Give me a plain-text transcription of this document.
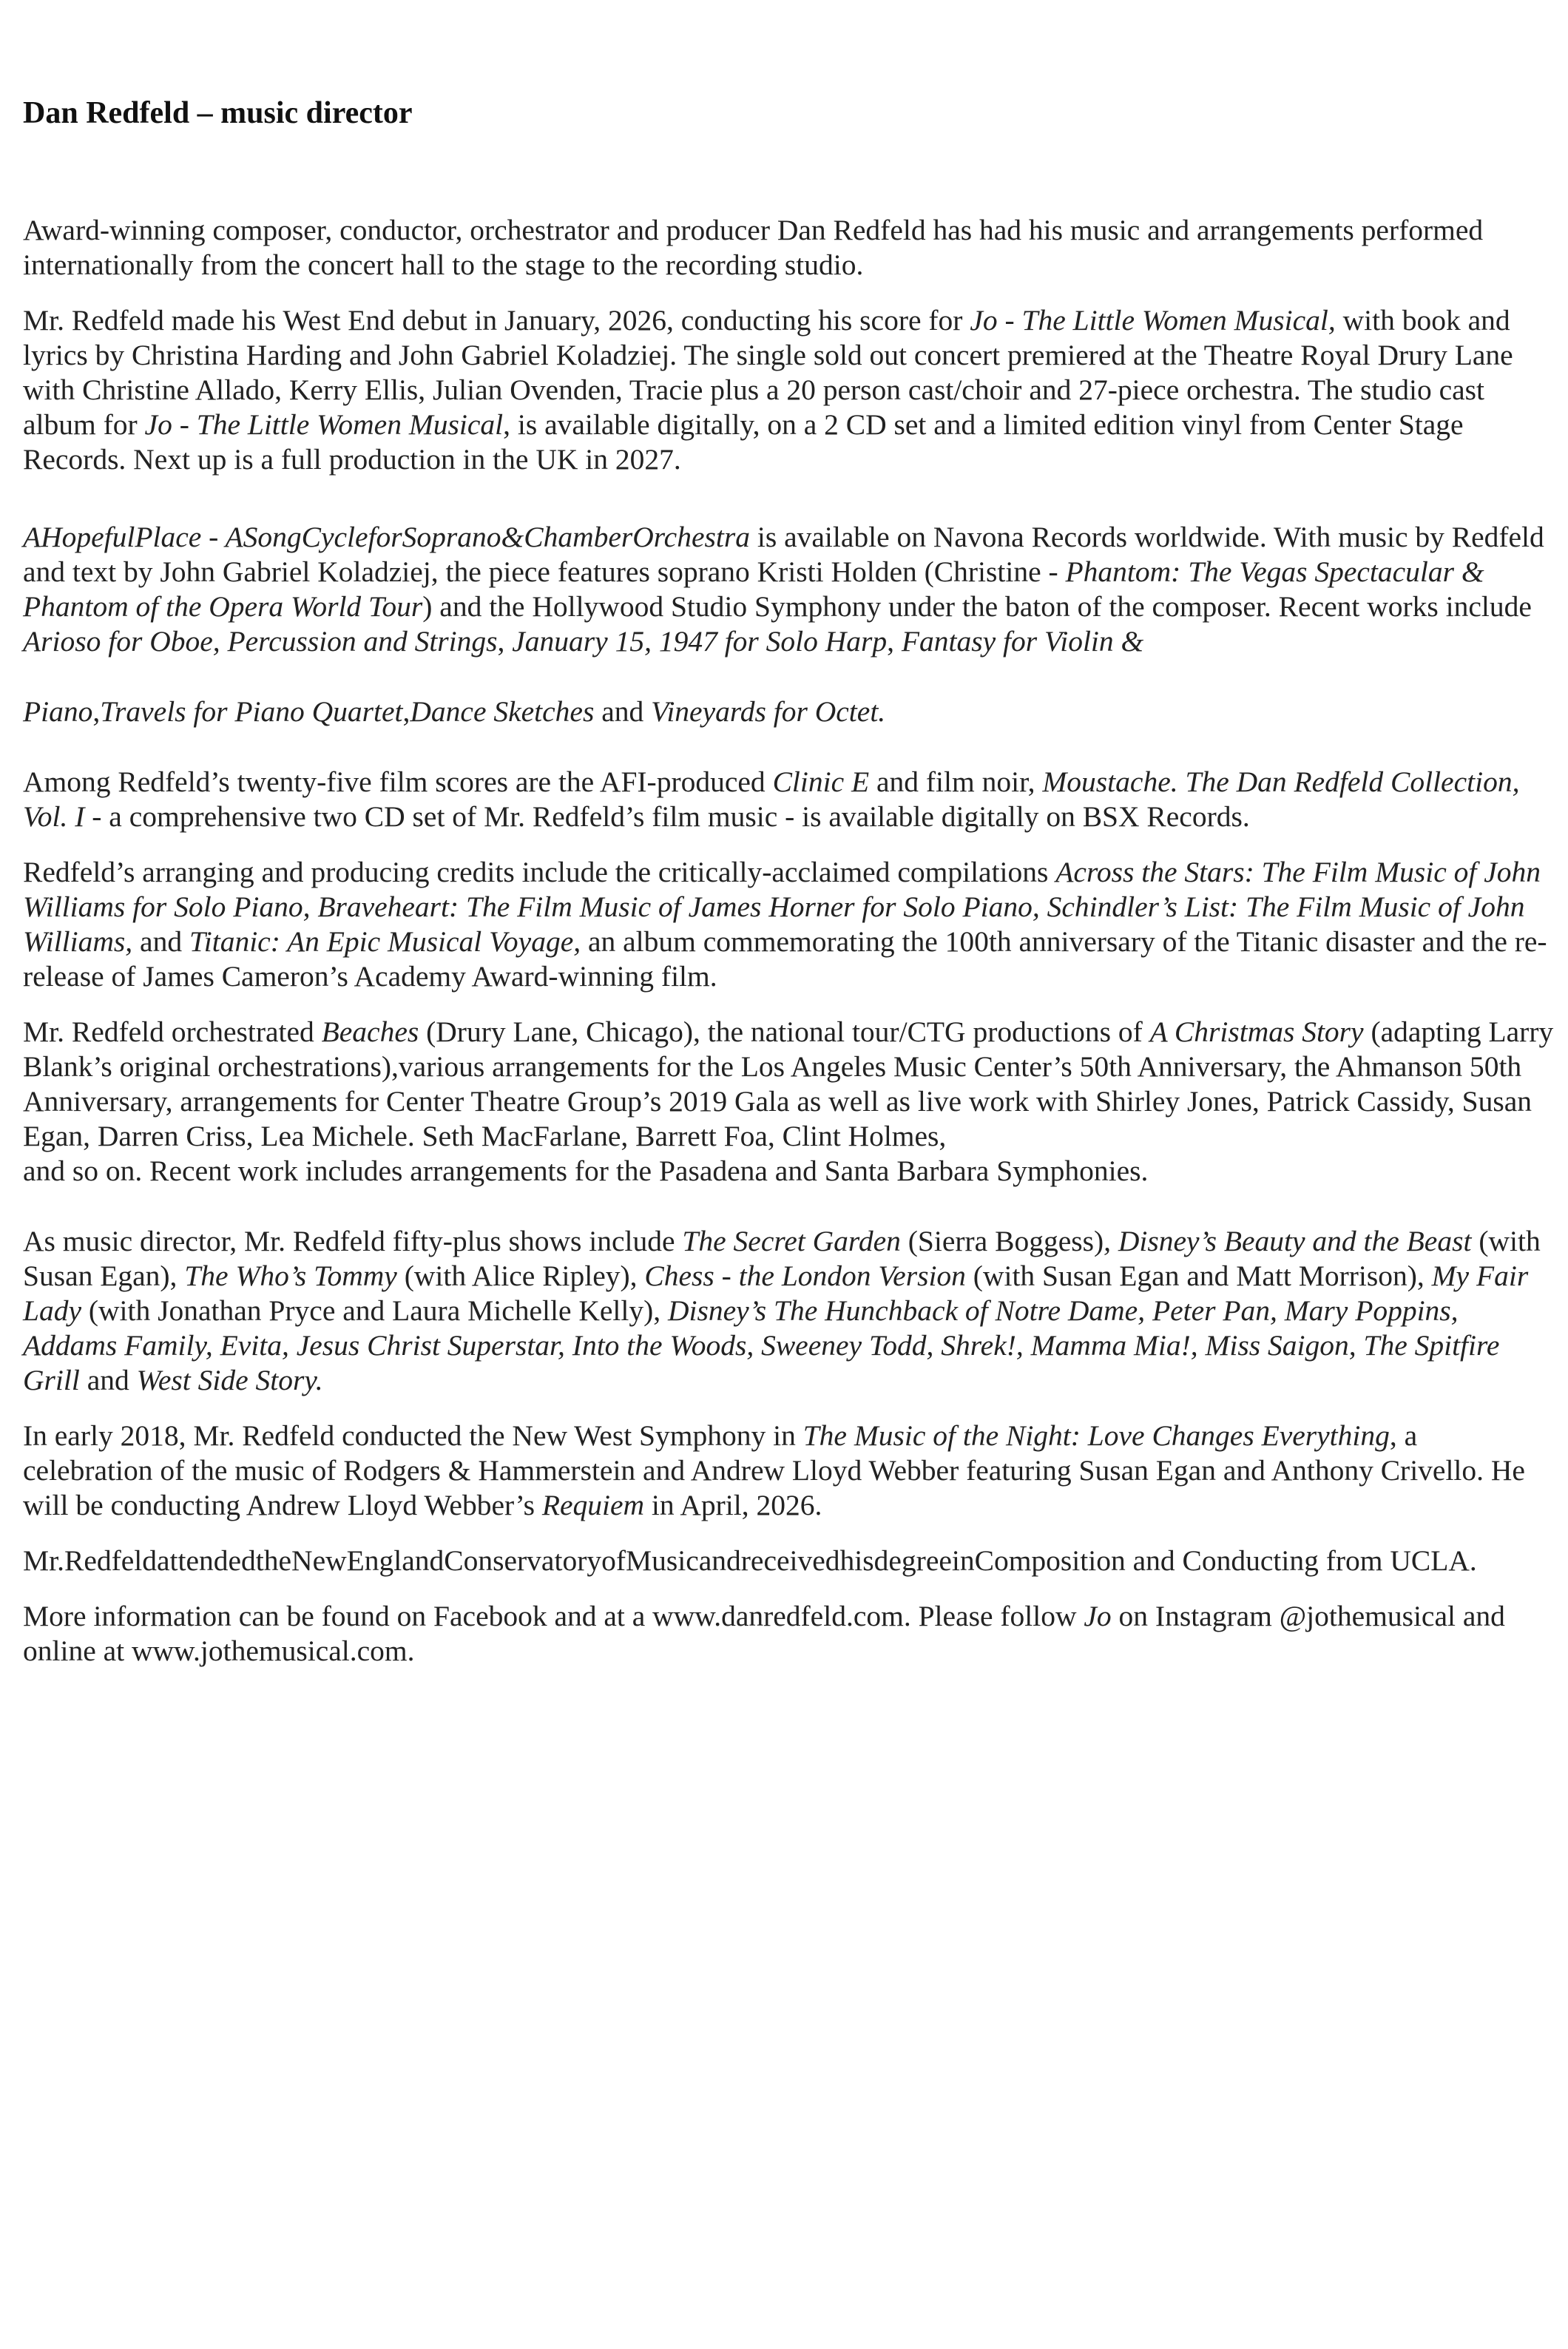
Dan Redfeld – music director

Award-winning composer, conductor, orchestrator and producer Dan Redfeld has had his music and arrangements performed internationally from the concert hall to the stage to the recording studio.

Mr. Redfeld made his West End debut in January, 2026, conducting his score for Jo - The Little Women Musical, with book and lyrics by Christina Harding and John Gabriel Koladziej. The single sold out concert premiered at the Theatre Royal Drury Lane with Christine Allado, Kerry Ellis, Julian Ovenden, Tracie plus a 20 person cast/choir and 27-piece orchestra. The studio cast album for Jo - The Little Women Musical, is available digitally, on a 2 CD set and a limited edition vinyl from Center Stage Records. Next up is a full production in the UK in 2027.

AHopefulPlace - ASongCycleforSoprano&ChamberOrchestra is available on Navona Records worldwide. With music by Redfeld and text by John Gabriel Koladziej, the piece features soprano Kristi Holden (Christine - Phantom: The Vegas Spectacular & Phantom of the Opera World Tour) and the Hollywood Studio Symphony under the baton of the composer. Recent works include Arioso for Oboe, Percussion and Strings, January 15, 1947 for Solo Harp, Fantasy for Violin &

Piano,Travels for Piano Quartet,Dance Sketches and Vineyards for Octet.

Among Redfeld’s twenty-five film scores are the AFI-produced Clinic E and film noir, Moustache. The Dan Redfeld Collection, Vol. I - a comprehensive two CD set of Mr. Redfeld’s film music - is available digitally on BSX Records.

Redfeld’s arranging and producing credits include the critically-acclaimed compilations Across the Stars: The Film Music of John Williams for Solo Piano, Braveheart: The Film Music of James Horner for Solo Piano, Schindler’s List: The Film Music of John Williams, and Titanic: An Epic Musical Voyage, an album commemorating the 100th anniversary of the Titanic disaster and the re-release of James Cameron’s Academy Award-winning film.

Mr. Redfeld orchestrated Beaches (Drury Lane, Chicago), the national tour/CTG productions of A Christmas Story (adapting Larry Blank’s original orchestrations),various arrangements for the Los Angeles Music Center’s 50th Anniversary, the Ahmanson 50th Anniversary, arrangements for Center Theatre Group’s 2019 Gala as well as live work with Shirley Jones, Patrick Cassidy, Susan Egan, Darren Criss, Lea Michele. Seth MacFarlane, Barrett Foa, Clint Holmes,
and so on. Recent work includes arrangements for the Pasadena and Santa Barbara Symphonies.

As music director, Mr. Redfeld fifty-plus shows include The Secret Garden (Sierra Boggess), Disney’s Beauty and the Beast (with Susan Egan), The Who’s Tommy (with Alice Ripley), Chess - the London Version (with Susan Egan and Matt Morrison), My Fair Lady (with Jonathan Pryce and Laura Michelle Kelly), Disney’s The Hunchback of Notre Dame, Peter Pan, Mary Poppins, Addams Family, Evita, Jesus Christ Superstar, Into the Woods, Sweeney Todd, Shrek!, Mamma Mia!, Miss Saigon, The Spitfire Grill and West Side Story.

In early 2018, Mr. Redfeld conducted the New West Symphony in The Music of the Night: Love Changes Everything, a celebration of the music of Rodgers & Hammerstein and Andrew Lloyd Webber featuring Susan Egan and Anthony Crivello. He will be conducting Andrew Lloyd Webber’s Requiem in April, 2026.

Mr.RedfeldattendedtheNewEnglandConservatoryofMusicandreceivedhisdegreeinComposition and Conducting from UCLA.

More information can be found on Facebook and at a www.danredfeld.com. Please follow Jo on Instagram @jothemusical and online at www.jothemusical.com.
